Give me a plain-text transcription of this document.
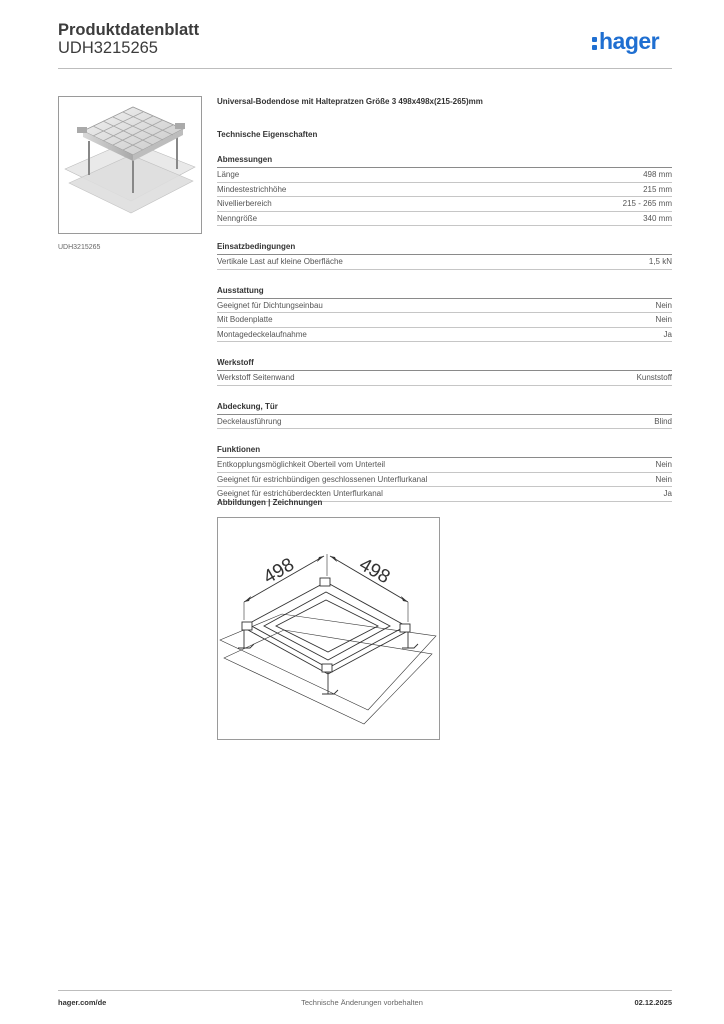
Produktdatenblatt
UDH3215265	hager
UDH3215265
Universal-Bodendose mit Haltepratzen Größe 3 498x498x(215-265)mm
Technische Eigenschaften
Abmessungen
Länge	498 mm
Mindestestrichhöhe	215 mm
Nivellierbereich	215 - 265 mm
Nenngröße	340 mm
Einsatzbedingungen
Vertikale Last auf kleine Oberfläche	1,5 kN
Ausstattung
Geeignet für Dichtungseinbau	Nein
Mit Bodenplatte	Nein
Montagedeckelaufnahme	Ja
Werkstoff
Werkstoff Seitenwand	Kunststoff
Abdeckung, Tür
Deckelausführung	Blind
Funktionen
Entkopplungsmöglichkeit Oberteil vom Unterteil	Nein
Geeignet für estrichbündigen geschlossenen Unterflurkanal	Nein
Geeignet für estrichüberdeckten Unterflurkanal	Ja
Abbildungen | Zeichnungen
498	498
hager.com/de	Technische Änderungen vorbehalten	02.12.2025
